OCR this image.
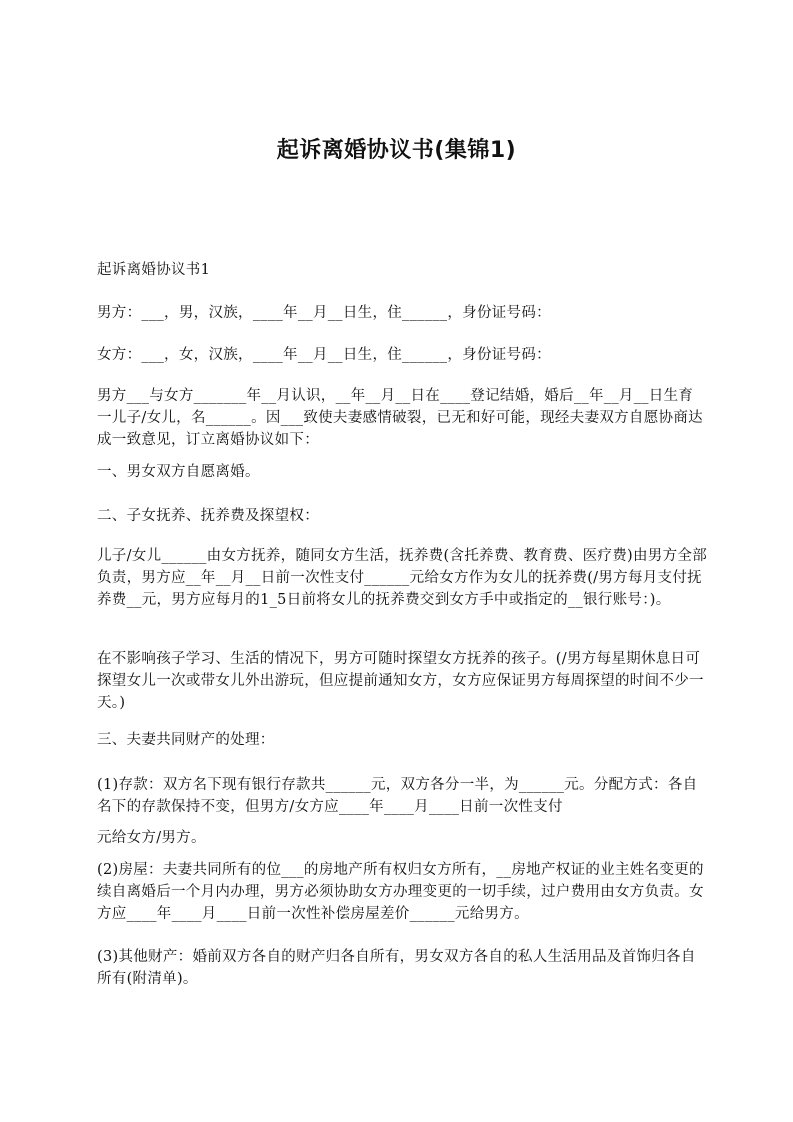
起诉离婚协议书(集锦1)

起诉离婚协议书1

男方：___，男，汉族，____年__月__日生，住______，身份证号码：

女方：___，女，汉族，____年__月__日生，住______，身份证号码：

男方___与女方_______年__月认识，__年__月__日在____登记结婚，婚后__年__月__日生育一儿子/女儿，名______。因___致使夫妻感情破裂，已无和好可能，现经夫妻双方自愿协商达成一致意见，订立离婚协议如下：

一、男女双方自愿离婚。

二、子女抚养、抚养费及探望权：

儿子/女儿______由女方抚养，随同女方生活，抚养费(含托养费、教育费、医疗费)由男方全部负责，男方应__年__月__日前一次性支付______元给女方作为女儿的抚养费(/男方每月支付抚养费__元，男方应每月的1_5日前将女儿的抚养费交到女方手中或指定的__银行账号：)。

在不影响孩子学习、生活的情况下，男方可随时探望女方抚养的孩子。(/男方每星期休息日可探望女儿一次或带女儿外出游玩，但应提前通知女方，女方应保证男方每周探望的时间不少一天。)

三、夫妻共同财产的处理：

(1)存款：双方名下现有银行存款共______元，双方各分一半，为______元。分配方式：各自名下的存款保持不变，但男方/女方应____年____月____日前一次性支付

元给女方/男方。

(2)房屋：夫妻共同所有的位___的房地产所有权归女方所有，__房地产权证的业主姓名变更的续自离婚后一个月内办理，男方必须协助女方办理变更的一切手续，过户费用由女方负责。女方应____年____月____日前一次性补偿房屋差价______元给男方。

(3)其他财产：婚前双方各自的财产归各自所有，男女双方各自的私人生活用品及首饰归各自所有(附清单)。
